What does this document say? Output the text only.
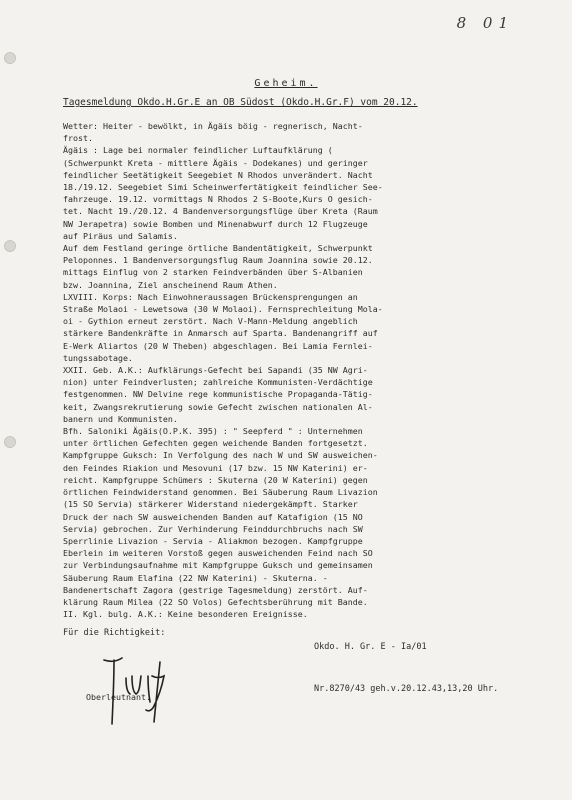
8 01
Geheim.
Tagesmeldung Okdo.H.Gr.E an OB Südost (Okdo.H.Gr.F) vom 20.12.
Wetter: Heiter - bewölkt, in Ägäis böig - regnerisch, Nacht-
frost.
Ägäis : Lage bei normaler feindlicher Luftaufklärung (
(Schwerpunkt Kreta - mittlere Ägäis - Dodekanes) und geringer
feindlicher Seetätigkeit Seegebiet N Rhodos unverändert. Nacht
18./19.12. Seegebiet Simi Scheinwerfertätigkeit feindlicher See-
fahrzeuge. 19.12. vormittags N Rhodos 2 S-Boote,Kurs O gesich-
tet. Nacht 19./20.12. 4 Bandenversorgungsflüge über Kreta (Raum
NW Jerapetra) sowie Bomben und Minenabwurf durch 12 Flugzeuge
auf Piräus und Salamis.
Auf dem Festland geringe örtliche Bandentätigkeit, Schwerpunkt
Peloponnes. 1 Bandenversorgungsflug Raum Joannina sowie 20.12.
mittags Einflug von 2 starken Feindverbänden über S-Albanien
bzw. Joannina, Ziel anscheinend Raum Athen.
LXVIII. Korps: Nach Einwohneraussagen Brückensprengungen an
Straße Molaoi - Lewetsowa (30 W Molaoi). Fernsprechleitung Mola-
oi - Gythion erneut zerstört. Nach V-Mann-Meldung angeblich
stärkere Bandenkräfte in Anmarsch auf Sparta. Bandenangriff auf
E-Werk Aliartos (20 W Theben) abgeschlagen. Bei Lamia Fernlei-
tungssabotage.
XXII. Geb. A.K.: Aufklärungs-Gefecht bei Sapandi (35 NW Agri-
nion) unter Feindverlusten; zahlreiche Kommunisten-Verdächtige
festgenommen. NW Delvine rege kommunistische Propaganda-Tätig-
keit, Zwangsrekrutierung sowie Gefecht zwischen nationalen Al-
banern und Kommunisten.
Bfh. Saloniki Ägäis(O.P.K. 395) : " Seepferd " : Unternehmen
unter örtlichen Gefechten gegen weichende Banden fortgesetzt.
Kampfgruppe Guksch: In Verfolgung des nach W und SW ausweichen-
den Feindes Riakion und Mesovuni (17 bzw. 15 NW Katerini) er-
reicht. Kampfgruppe Schümers : Skuterna (20 W Katerini) gegen
örtlichen Feindwiderstand genommen. Bei Säuberung Raum Livazion
(15 SO Servia) stärkerer Widerstand niedergekämpft. Starker
Druck der nach SW ausweichenden Banden auf Katafigion (15 NO
Servia) gebrochen. Zur Verhinderung Feinddurchbruchs nach SW
Sperrlinie Livazion - Servia - Aliakmon bezogen. Kampfgruppe
Eberlein im weiteren Vorstoß gegen ausweichenden Feind nach SO
zur Verbindungsaufnahme mit Kampfgruppe Guksch und gemeinsamen
Säuberung Raum Elafina (22 NW Katerini) - Skuterna. -
Bandenertschaft Zagora (gestrige Tagesmeldung) zerstört. Auf-
klärung Raum Milea (22 SO Volos) Gefechtsberührung mit Bande.
II. Kgl. bulg. A.K.: Keine besonderen Ereignisse.

Okdo. H. Gr. E - Ia/01

Nr.8270/43 geh.v.20.12.43,13,20 Uhr.

Für die Richtigkeit:
Oberleutnant.
